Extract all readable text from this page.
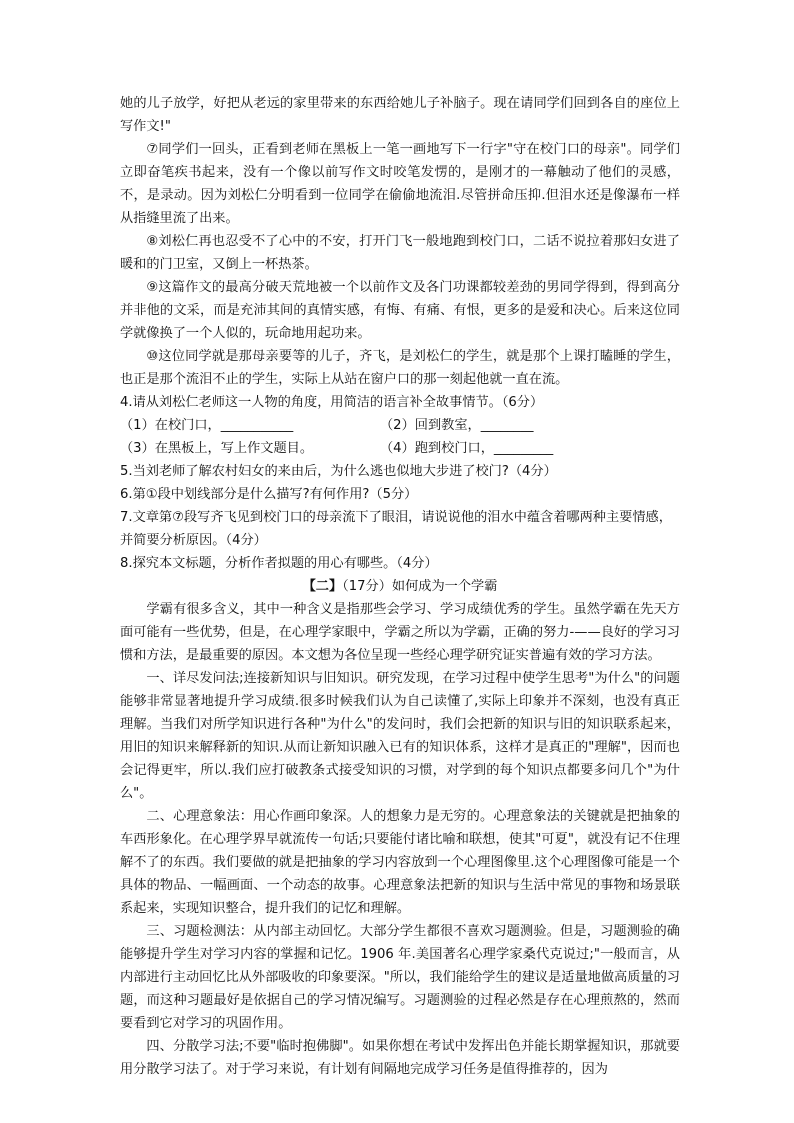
她的儿子放学，好把从老远的家里带来的东西给她儿子补脑子。现在请同学们回到各自的座位上写作文!"

⑦同学们一回头，正看到老师在黑板上一笔一画地写下一行字"守在校门口的母亲"。同学们立即奋笔疾书起来，没有一个像以前写作文时咬笔发愣的，是刚才的一幕触动了他们的灵感，不，是录动。因为刘松仁分明看到一位同学在偷偷地流泪.尽管拼命压抑.但泪水还是像瀑布一样从指缝里流了出来。

⑧刘松仁再也忍受不了心中的不安，打开门飞一般地跑到校门口，二话不说拉着那妇女进了暖和的门卫室，又倒上一杯热茶。

⑨这篇作文的最高分破天荒地被一个以前作文及各门功课都较差劲的男同学得到，得到高分并非他的文采，而是充沛其间的真情实感，有悔、有痛、有恨，更多的是爱和决心。后来这位同学就像换了一个人似的，玩命地用起功来。

⑩这位同学就是那母亲要等的儿子，齐飞，是刘松仁的学生，就是那个上课打瞌睡的学生，也正是那个流泪不止的学生，实际上从站在窗户口的那一刻起他就一直在流。

4.请从刘松仁老师这一人物的角度，用简洁的语言补全故事情节。（6分）

（1）在校门口，___________	（2）回到教室，________
（3）在黑板上，写上作文题目。	（4）跑到校门口，_________

5.当刘老师了解农村妇女的来由后，为什么逃也似地大步进了校门?（4分）

6.第①段中划线部分是什么描写?有何作用?（5分）

7.文章第⑦段写齐飞见到校门口的母亲流下了眼泪，请说说他的泪水中蕴含着哪两种主要情感，并简要分析原因。（4分）

8.探究本文标题，分析作者拟题的用心有哪些。（4分）

【二】（17分）如何成为一个学霸

学霸有很多含义，其中一种含义是指那些会学习、学习成绩优秀的学生。虽然学霸在先天方面可能有一些优势，但是，在心理学家眼中，学霸之所以为学霸，正确的努力-——良好的学习习惯和方法，是最重要的原因。本文想为各位呈现一些经心理学研究证实普遍有效的学习方法。

一、详尽发问法;连接新知识与旧知识。研究发现，在学习过程中使学生思考"为什么"的问题能够非常显著地提升学习成绩.很多时候我们认为自己读懂了,实际上印象并不深刻，也没有真正理解。当我们对所学知识进行各种"为什么"的发问时，我们会把新的知识与旧的知识联系起来，用旧的知识来解释新的知识.从而让新知识融入已有的知识体系，这样才是真正的"理解"，因而也会记得更牢，所以.我们应打破教条式接受知识的习惯，对学到的每个知识点都要多问几个"为什么"。

二、心理意象法：用心作画印象深。人的想象力是无穷的。心理意象法的关键就是把抽象的车西形象化。在心理学界早就流传一句话;只要能付诸比喻和联想，使其"可夏"，就没有记不住理解不了的东西。我们要做的就是把抽象的学习内容放到一个心理图像里.这个心理图像可能是一个具体的物品、一幅画面、一个动态的故事。心理意象法把新的知识与生活中常见的事物和场景联系起来，实现知识整合，提升我们的记忆和理解。

三、习题检测法：从内部主动回忆。大部分学生都很不喜欢习题测验。但是，习题测验的确能够提升学生对学习内容的掌握和记忆。1906 年.美国著名心理学家桑代克说过;"一般而言，从内部进行主动回忆比从外部吸收的印象要深。"所以，我们能给学生的建议是适量地做高质量的习题，而这种习题最好是依据自己的学习情况编写。习题测验的过程必然是存在心理煎熬的，然而要看到它对学习的巩固作用。

四、分散学习法;不要"临时抱佛脚"。如果你想在考试中发挥出色并能长期掌握知识，那就要用分散学习法了。对于学习来说，有计划有间隔地完成学习任务是值得推荐的，因为
